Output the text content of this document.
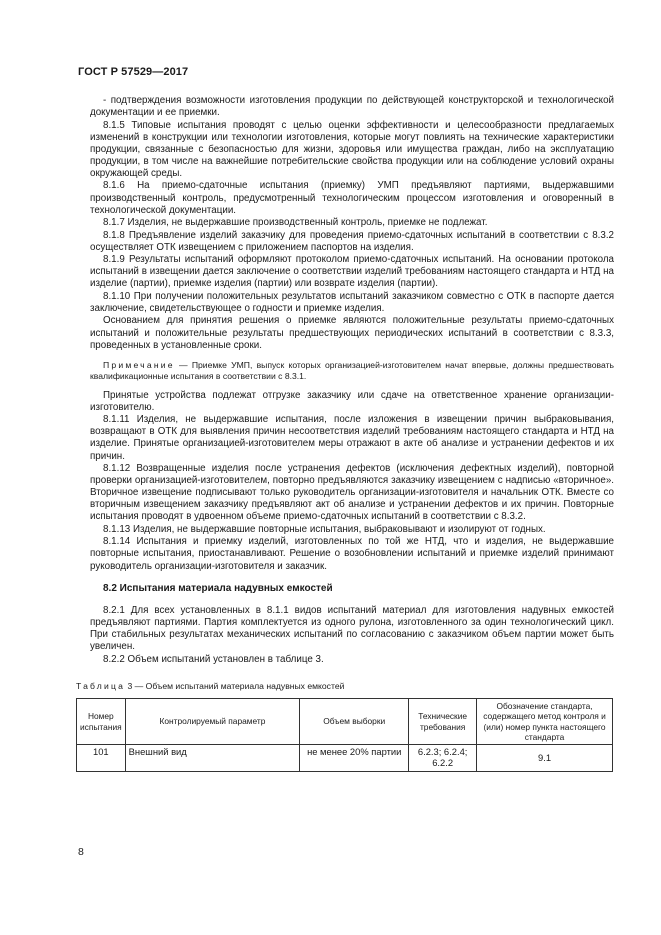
ГОСТ Р 57529—2017

- подтверждения возможности изготовления продукции по действующей конструкторской и технологической документации и ее приемки.

8.1.5 Типовые испытания проводят с целью оценки эффективности и целесообразности предлагаемых изменений в конструкции или технологии изготовления, которые могут повлиять на технические характеристики продукции, связанные с безопасностью для жизни, здоровья или имущества граждан, либо на эксплуатацию продукции, в том числе на важнейшие потребительские свойства продукции или на соблюдение условий охраны окружающей среды.

8.1.6 На приемо-сдаточные испытания (приемку) УМП предъявляют партиями, выдержавшими производственный контроль, предусмотренный технологическим процессом изготовления и оговоренный в технологической документации.

8.1.7 Изделия, не выдержавшие производственный контроль, приемке не подлежат.

8.1.8 Предъявление изделий заказчику для проведения приемо-сдаточных испытаний в соответствии с 8.3.2 осуществляет ОТК извещением с приложением паспортов на изделия.

8.1.9 Результаты испытаний оформляют протоколом приемо-сдаточных испытаний. На основании протокола испытаний в извещении дается заключение о соответствии изделий требованиям настоящего стандарта и НТД на изделие (партии), приемке изделия (партии) или возврате изделия (партии).

8.1.10 При получении положительных результатов испытаний заказчиком совместно с ОТК в паспорте дается заключение, свидетельствующее о годности и приемке изделия.

Основанием для принятия решения о приемке являются положительные результаты приемо-сдаточных испытаний и положительные результаты предшествующих периодических испытаний в соответствии с 8.3.3, проведенных в установленные сроки.

Примечание — Приемке УМП, выпуск которых организацией-изготовителем начат впервые, должны предшествовать квалификационные испытания в соответствии с 8.3.1.

Принятые устройства подлежат отгрузке заказчику или сдаче на ответственное хранение организации-изготовителю.

8.1.11 Изделия, не выдержавшие испытания, после изложения в извещении причин выбраковывания, возвращают в ОТК для выявления причин несоответствия изделий требованиям настоящего стандарта и НТД на изделие. Принятые организацией-изготовителем меры отражают в акте об анализе и устранении дефектов и их причин.

8.1.12 Возвращенные изделия после устранения дефектов (исключения дефектных изделий), повторной проверки организацией-изготовителем, повторно предъявляются заказчику извещением с надписью «вторичное». Вторичное извещение подписывают только руководитель организации-изготовителя и начальник ОТК. Вместе со вторичным извещением заказчику предъявляют акт об анализе и устранении дефектов и их причин. Повторные испытания проводят в удвоенном объеме приемо-сдаточных испытаний в соответствии с 8.3.2.

8.1.13 Изделия, не выдержавшие повторные испытания, выбраковывают и изолируют от годных.

8.1.14 Испытания и приемку изделий, изготовленных по той же НТД, что и изделия, не выдержавшие повторные испытания, приостанавливают. Решение о возобновлении испытаний и приемке изделий принимают руководитель организации-изготовителя и заказчик.

8.2 Испытания материала надувных емкостей

8.2.1 Для всех установленных в 8.1.1 видов испытаний материал для изготовления надувных емкостей предъявляют партиями. Партия комплектуется из одного рулона, изготовленного за один технологический цикл. При стабильных результатах механических испытаний по согласованию с заказчиком объем партии может быть увеличен.

8.2.2 Объем испытаний установлен в таблице 3.

Таблица 3 — Объем испытаний материала надувных емкостей
Номер испытания	Контролируемый параметр	Объем выборки	Технические требования	Обозначение стандарта, содержащего метод контроля и (или) номер пункта настоящего стандарта
101	Внешний вид	не менее 20% партии	6.2.3; 6.2.4; 6.2.2	9.1
8
